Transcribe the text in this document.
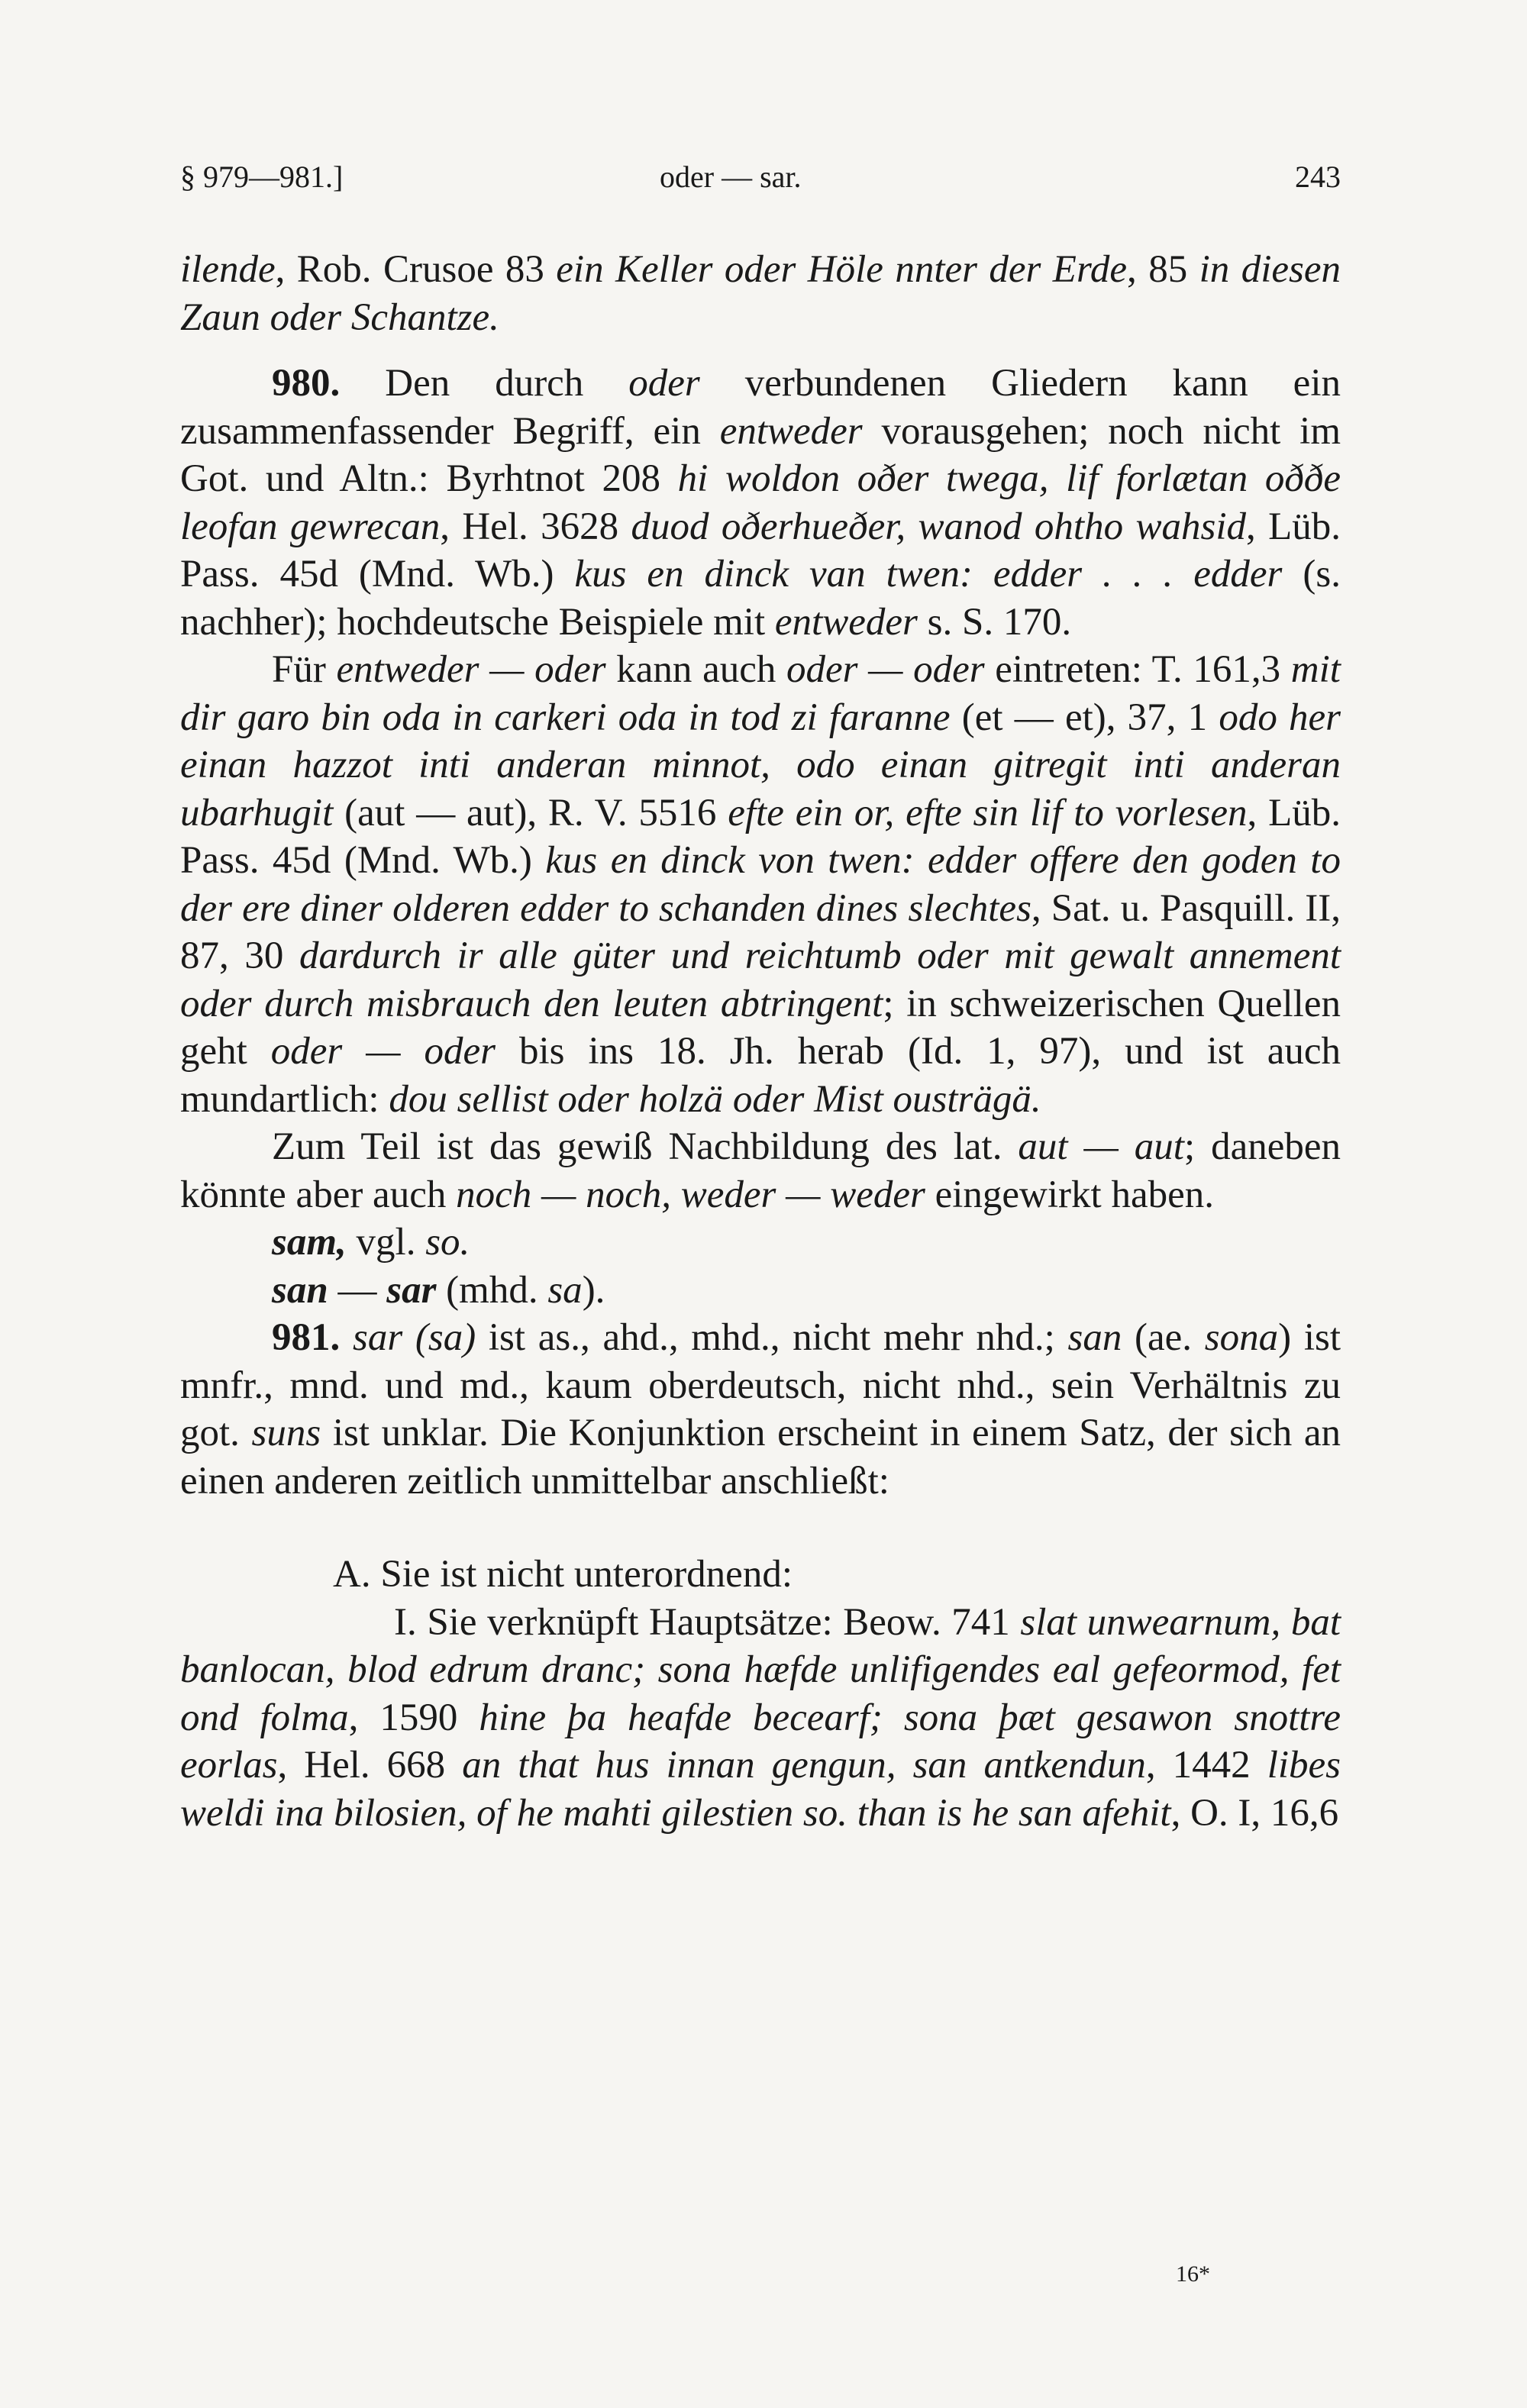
§ 979—981.]	oder — sar.	243

ilende, Rob. Crusoe 83 ein Keller oder Höle nnter der Erde, 85 in diesen Zaun oder Schantze.

980. Den durch oder verbundenen Gliedern kann ein zusammenfassender Begriff, ein entweder vorausgehen; noch nicht im Got. und Altn.: Byrhtnot 208 hi woldon oðer twega, lif forlætan oððe leofan gewrecan, Hel. 3628 duod oðerhueðer, wanod ohtho wahsid, Lüb. Pass. 45d (Mnd. Wb.) kus en dinck van twen: edder . . . edder (s. nachher); hochdeutsche Beispiele mit entweder s. S. 170.

Für entweder — oder kann auch oder — oder eintreten: T. 161,3 mit dir garo bin oda in carkeri oda in tod zi faranne (et — et), 37, 1 odo her einan hazzot inti anderan minnot, odo einan gitregit inti anderan ubarhugit (aut — aut), R. V. 5516 efte ein or, efte sin lif to vorlesen, Lüb. Pass. 45d (Mnd. Wb.) kus en dinck von twen: edder offere den goden to der ere diner olderen edder to schanden dines slechtes, Sat. u. Pasquill. II, 87, 30 dardurch ir alle güter und reichtumb oder mit gewalt annement oder durch misbrauch den leuten abtringent; in schweizerischen Quellen geht oder — oder bis ins 18. Jh. herab (Id. 1, 97), und ist auch mundartlich: dou sellist oder holzä oder Mist ousträgä.

Zum Teil ist das gewiß Nachbildung des lat. aut — aut; daneben könnte aber auch noch — noch, weder — weder eingewirkt haben.

sam, vgl. so.

san — sar (mhd. sa).

981. sar (sa) ist as., ahd., mhd., nicht mehr nhd.; san (ae. sona) ist mnfr., mnd. und md., kaum oberdeutsch, nicht nhd., sein Verhältnis zu got. suns ist unklar. Die Konjunktion erscheint in einem Satz, der sich an einen anderen zeitlich unmittelbar anschließt:

A. Sie ist nicht unterordnend:

I. Sie verknüpft Hauptsätze: Beow. 741 slat unwearnum, bat banlocan, blod edrum dranc; sona hæfde unlifigendes eal gefeormod, fet ond folma, 1590 hine þa heafde becearf; sona þæt gesawon snottre eorlas, Hel. 668 an that hus innan gengun, san antkendun, 1442 libes weldi ina bilosien, of he mahti gilestien so. than is he san afehit, O. I, 16,6

16*
